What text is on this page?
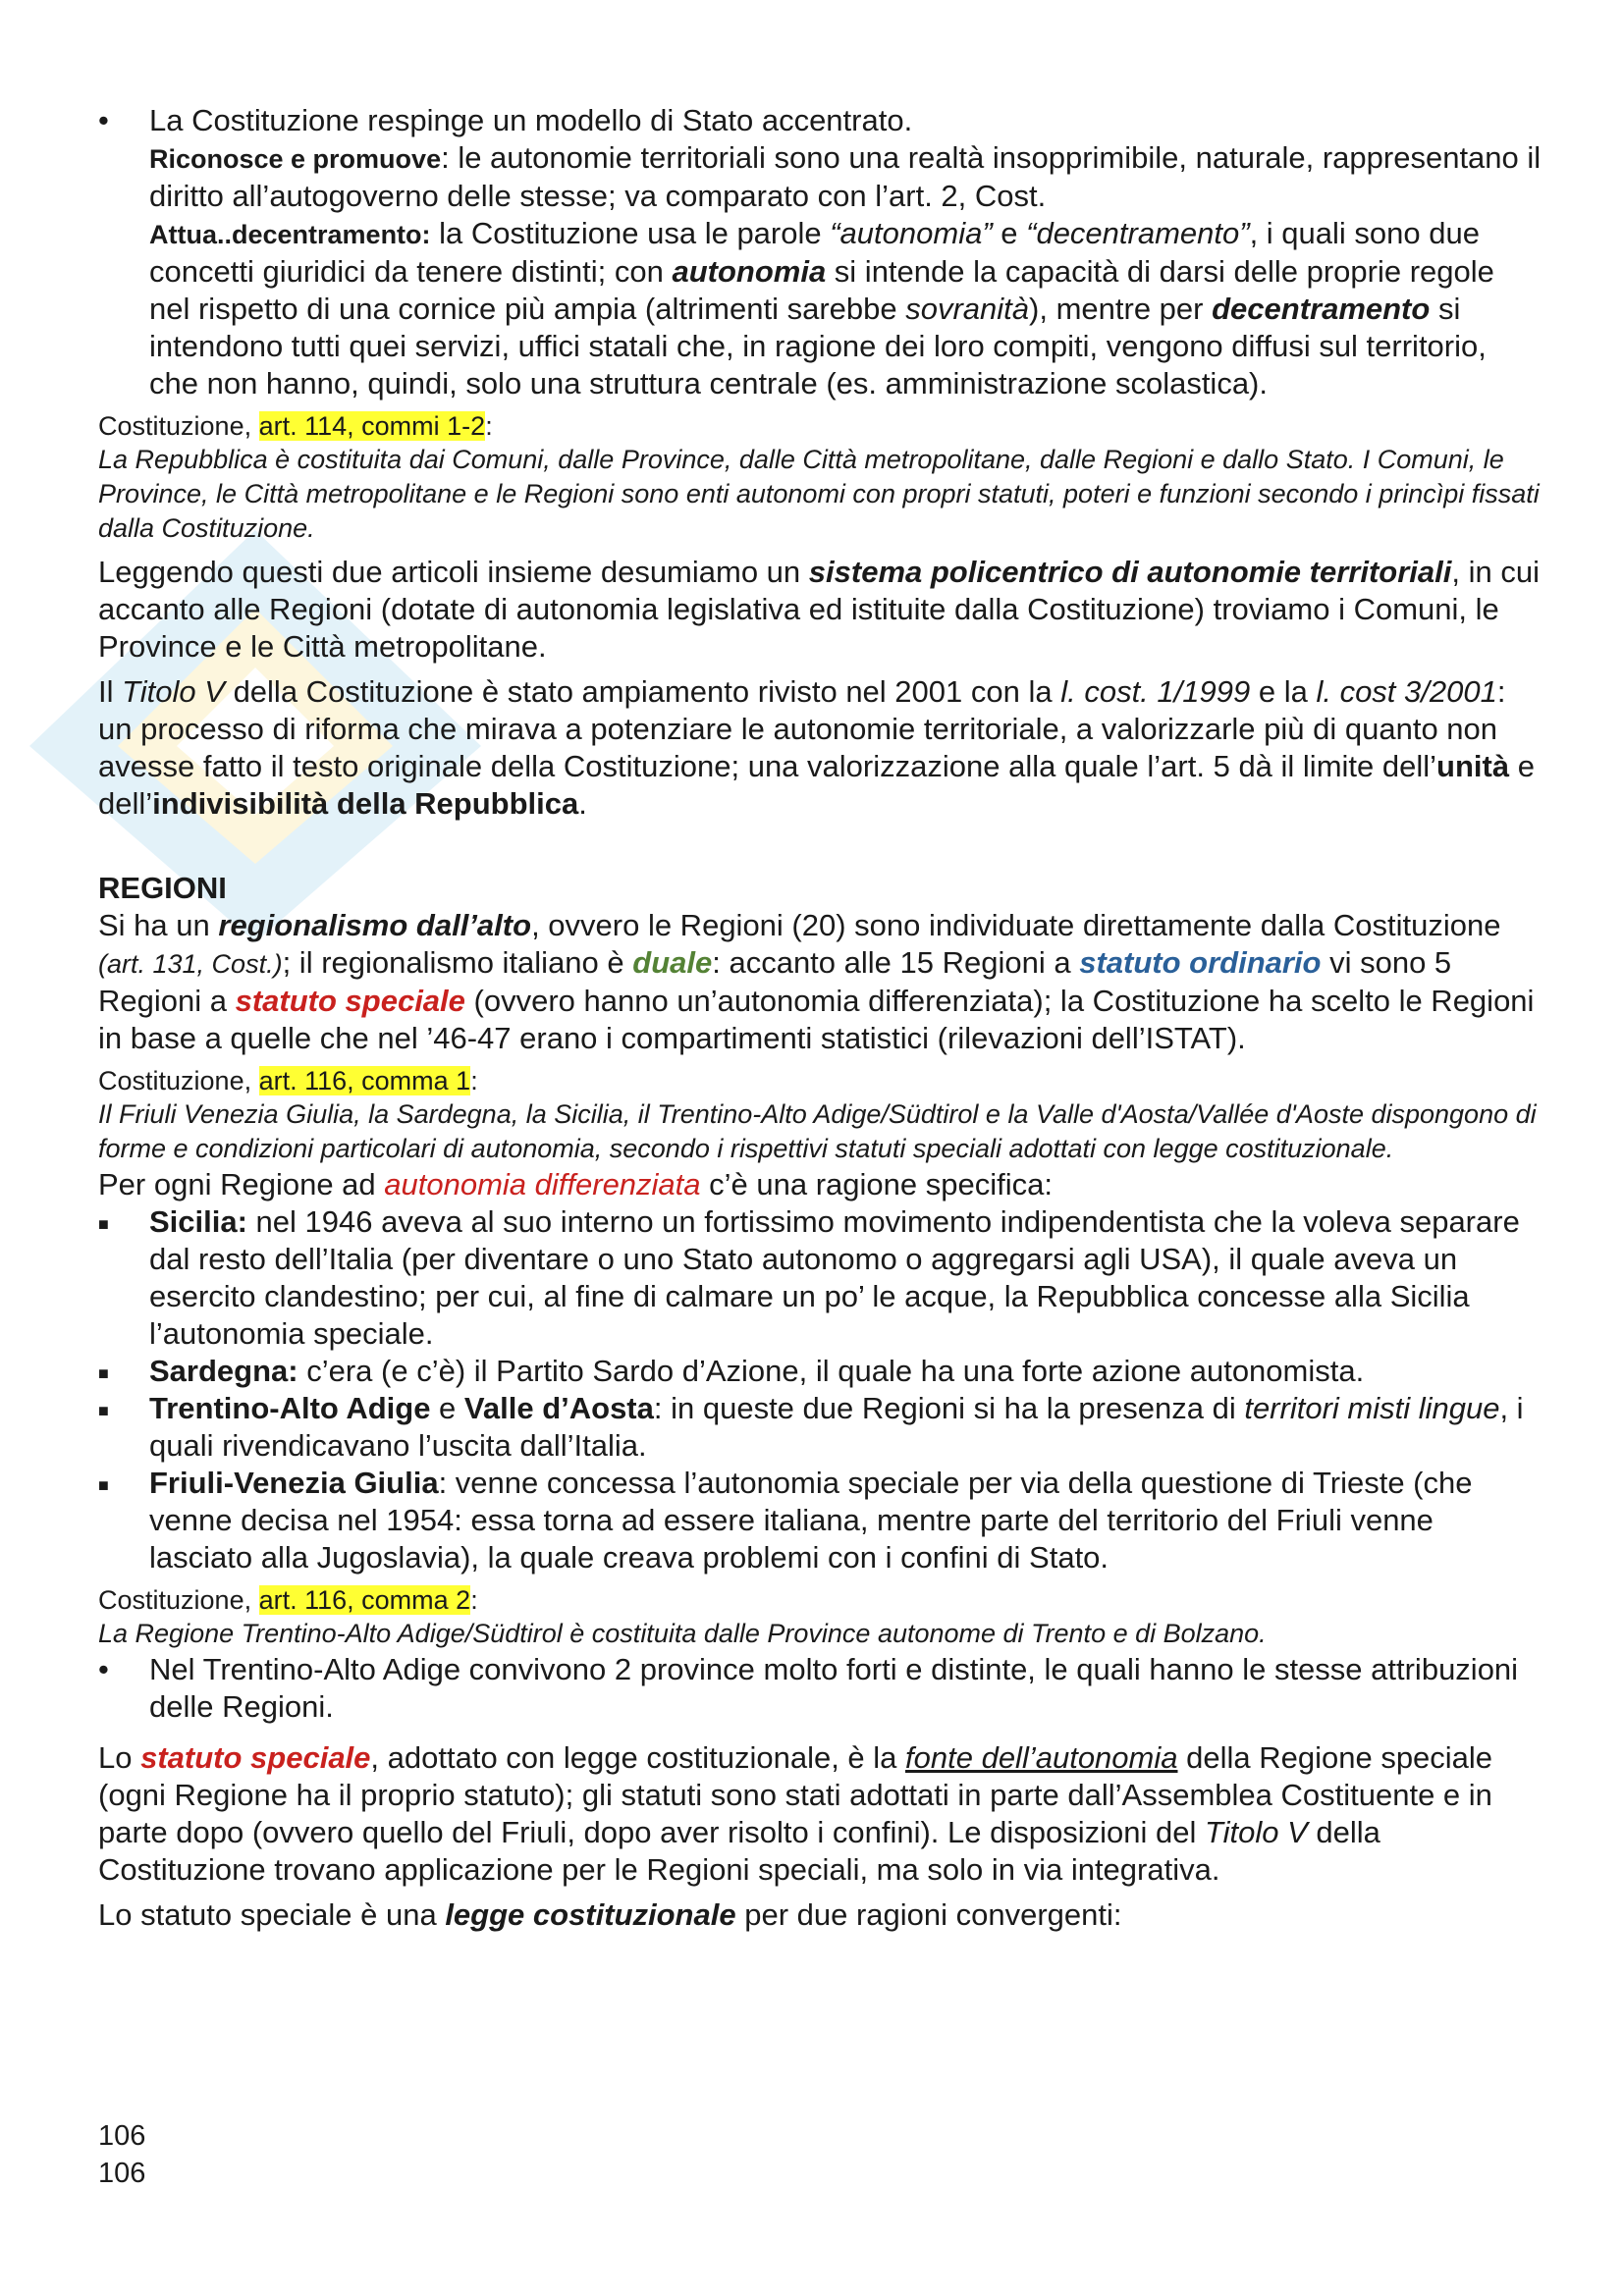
• La Costituzione respinge un modello di Stato accentrato.
Riconosce e promuove: le autonomie territoriali sono una realtà insopprimibile, naturale, rappresentano il diritto all’autogoverno delle stesse; va comparato con l’art. 2, Cost.
Attua..decentramento: la Costituzione usa le parole “autonomia” e “decentramento”, i quali sono due concetti giuridici da tenere distinti; con autonomia si intende la capacità di darsi delle proprie regole nel rispetto di una cornice più ampia (altrimenti sarebbe sovranità), mentre per decentramento si intendono tutti quei servizi, uffici statali che, in ragione dei loro compiti, vengono diffusi sul territorio, che non hanno, quindi, solo una struttura centrale (es. amministrazione scolastica).
Costituzione, art. 114, commi 1-2:
La Repubblica è costituita dai Comuni, dalle Province, dalle Città metropolitane, dalle Regioni e dallo Stato. I Comuni, le Province, le Città metropolitane e le Regioni sono enti autonomi con propri statuti, poteri e funzioni secondo i princìpi fissati dalla Costituzione.
Leggendo questi due articoli insieme desumiamo un sistema policentrico di autonomie territoriali, in cui accanto alle Regioni (dotate di autonomia legislativa ed istituite dalla Costituzione) troviamo i Comuni, le Province e le Città metropolitane.
Il Titolo V della Costituzione è stato ampiamento rivisto nel 2001 con la l. cost. 1/1999 e la l. cost 3/2001: un processo di riforma che mirava a potenziare le autonomie territoriale, a valorizzarle più di quanto non avesse fatto il testo originale della Costituzione; una valorizzazione alla quale l’art. 5 dà il limite dell’unità e dell’indivisibilità della Repubblica.
REGIONI
Si ha un regionalismo dall’alto, ovvero le Regioni (20) sono individuate direttamente dalla Costituzione (art. 131, Cost.); il regionalismo italiano è duale: accanto alle 15 Regioni a statuto ordinario vi sono 5 Regioni a statuto speciale (ovvero hanno un’autonomia differenziata); la Costituzione ha scelto le Regioni in base a quelle che nel ’46-47 erano i compartimenti statistici (rilevazioni dell’ISTAT).
Costituzione, art. 116, comma 1:
Il Friuli Venezia Giulia, la Sardegna, la Sicilia, il Trentino-Alto Adige/Südtirol e la Valle d'Aosta/Vallée d'Aoste dispongono di forme e condizioni particolari di autonomia, secondo i rispettivi statuti speciali adottati con legge costituzionale.
Per ogni Regione ad autonomia differenziata c’è una ragione specifica:
■ Sicilia: nel 1946 aveva al suo interno un fortissimo movimento indipendentista che la voleva separare dal resto dell’Italia (per diventare o uno Stato autonomo o aggregarsi agli USA), il quale aveva un esercito clandestino; per cui, al fine di calmare un po’ le acque, la Repubblica concesse alla Sicilia l’autonomia speciale.
■ Sardegna: c’era (e c’è) il Partito Sardo d’Azione, il quale ha una forte azione autonomista.
■ Trentino-Alto Adige e Valle d’Aosta: in queste due Regioni si ha la presenza di territori misti lingue, i quali rivendicavano l’uscita dall’Italia.
■ Friuli-Venezia Giulia: venne concessa l’autonomia speciale per via della questione di Trieste (che venne decisa nel 1954: essa torna ad essere italiana, mentre parte del territorio del Friuli venne lasciato alla Jugoslavia), la quale creava problemi con i confini di Stato.
Costituzione, art. 116, comma 2:
La Regione Trentino-Alto Adige/Südtirol è costituita dalle Province autonome di Trento e di Bolzano.
• Nel Trentino-Alto Adige convivono 2 province molto forti e distinte, le quali hanno le stesse attribuzioni delle Regioni.
Lo statuto speciale, adottato con legge costituzionale, è la fonte dell’autonomia della Regione speciale (ogni Regione ha il proprio statuto); gli statuti sono stati adottati in parte dall’Assemblea Costituente e in parte dopo (ovvero quello del Friuli, dopo aver risolto i confini). Le disposizioni del Titolo V della Costituzione trovano applicazione per le Regioni speciali, ma solo in via integrativa.
Lo statuto speciale è una legge costituzionale per due ragioni convergenti:
106
106
